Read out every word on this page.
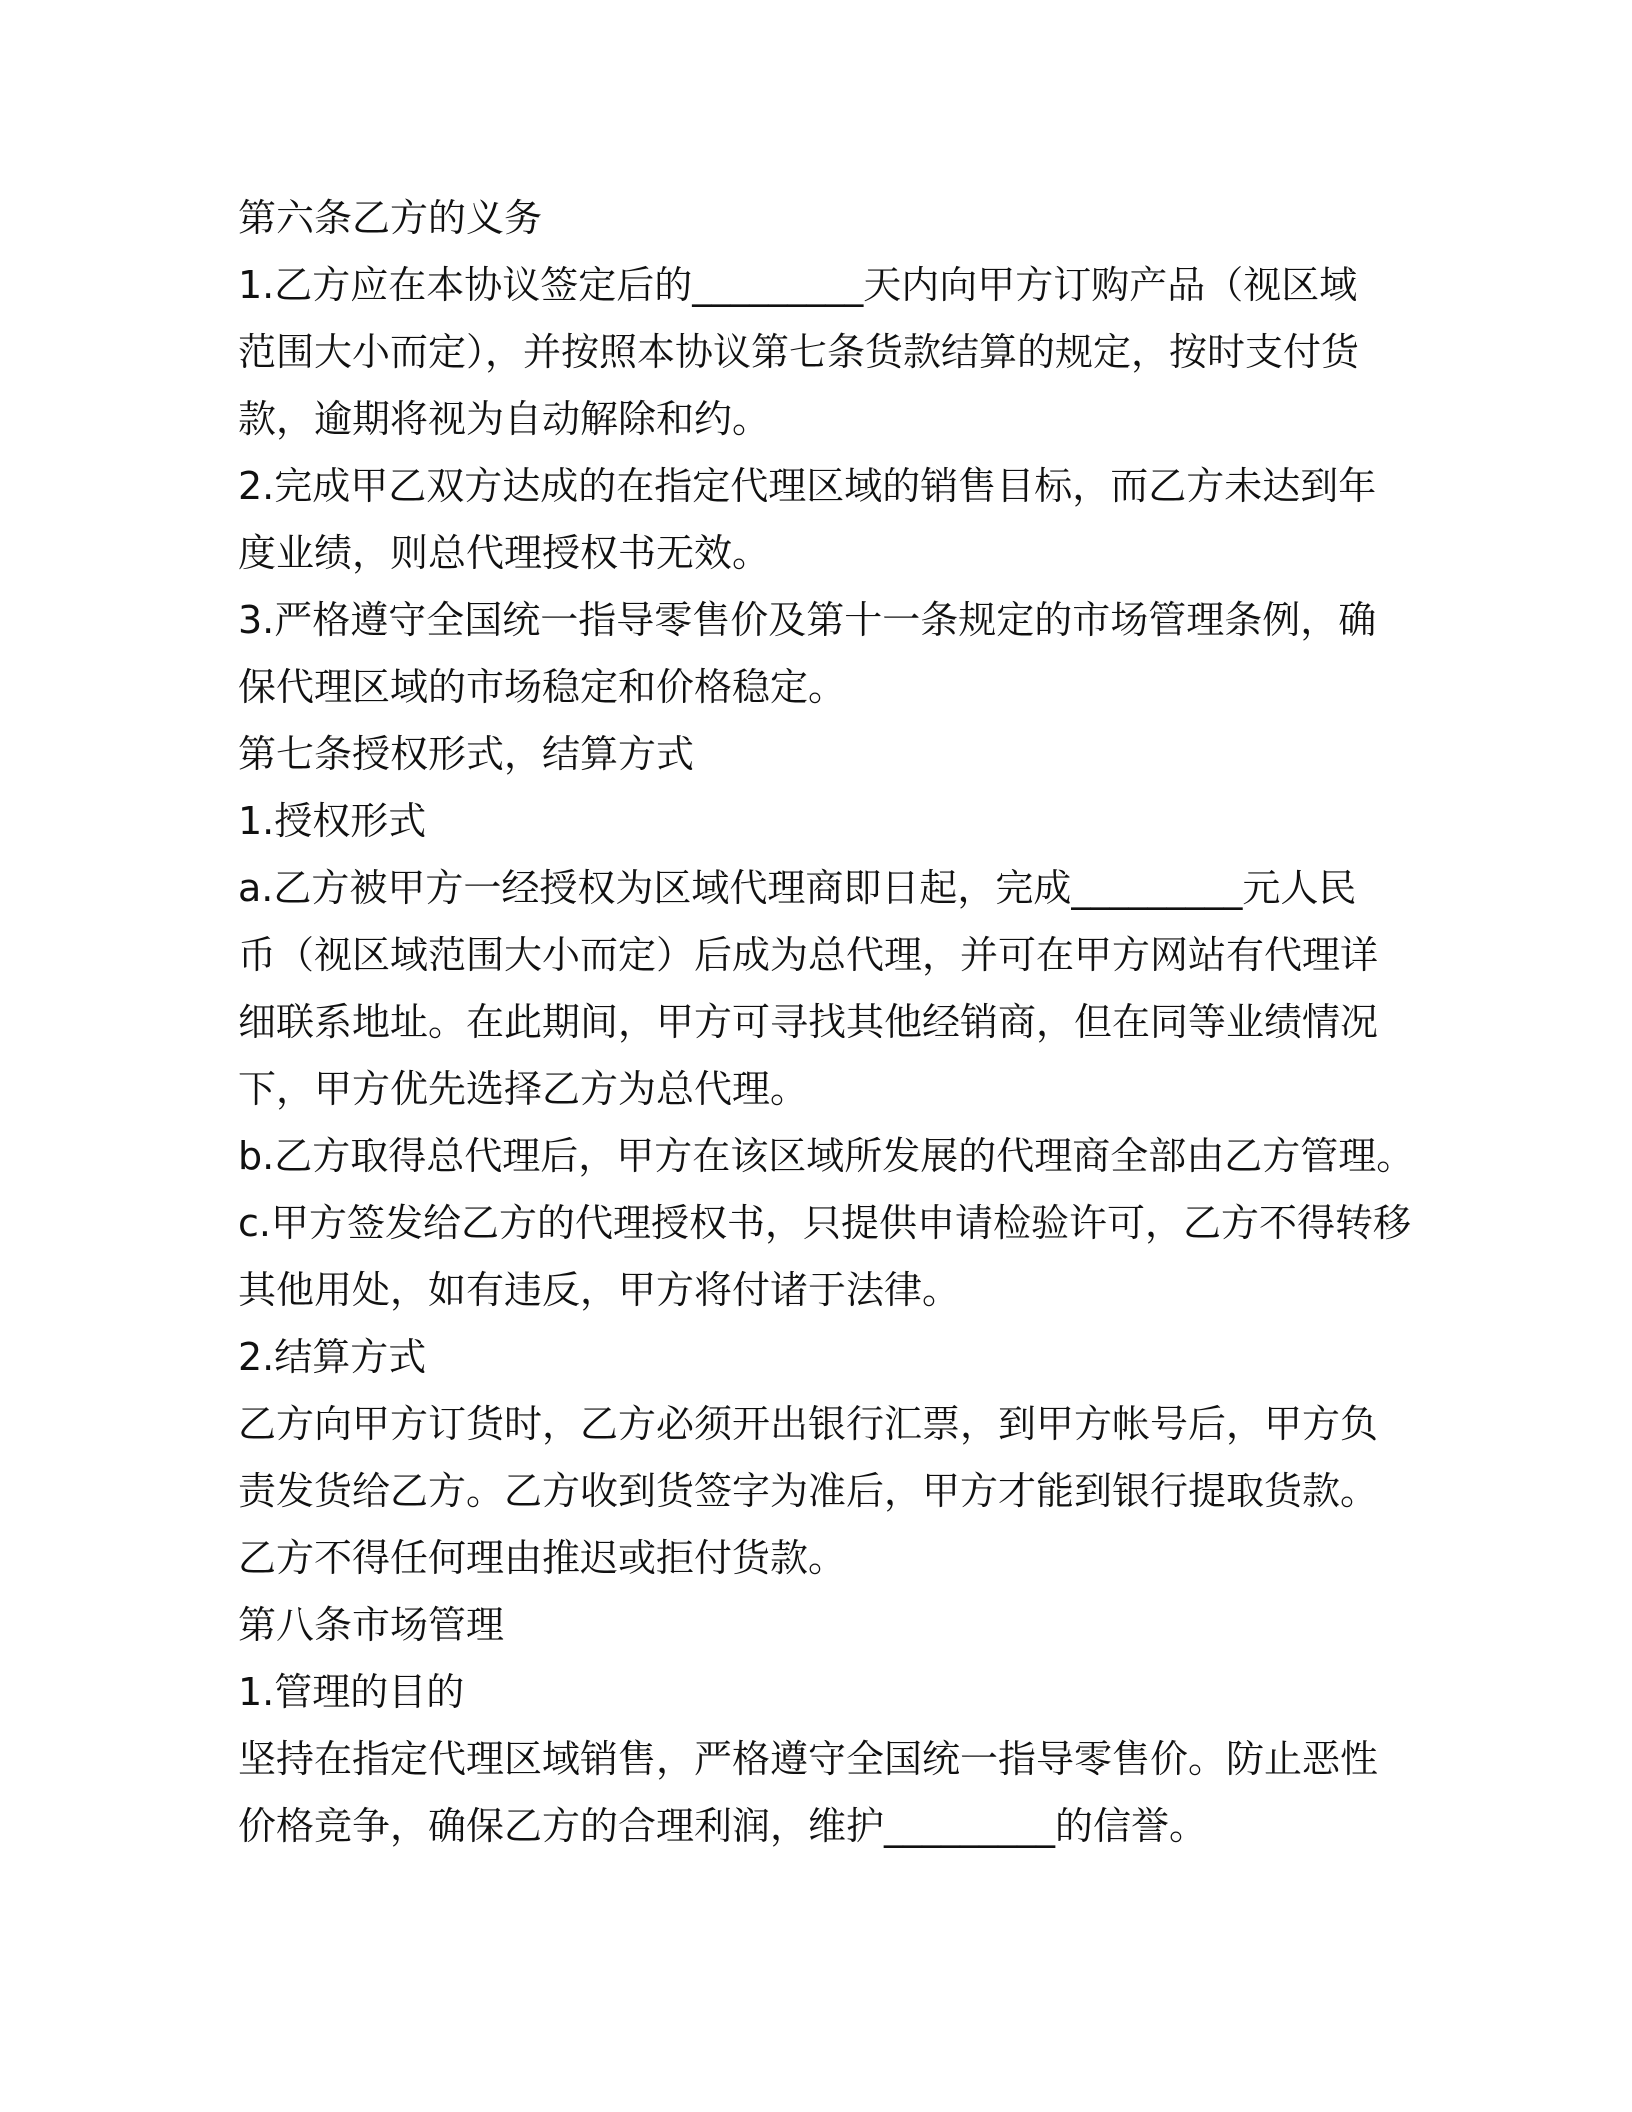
第六条乙方的义务
1.乙方应在本协议签定后的_________天内向甲方订购产品（视区域
范围大小而定），并按照本协议第七条货款结算的规定，按时支付货
款，逾期将视为自动解除和约。
2.完成甲乙双方达成的在指定代理区域的销售目标，而乙方未达到年
度业绩，则总代理授权书无效。
3.严格遵守全国统一指导零售价及第十一条规定的市场管理条例，确
保代理区域的市场稳定和价格稳定。
第七条授权形式，结算方式
1.授权形式
a.乙方被甲方一经授权为区域代理商即日起，完成_________元人民
币（视区域范围大小而定）后成为总代理，并可在甲方网站有代理详
细联系地址。在此期间，甲方可寻找其他经销商，但在同等业绩情况
下，甲方优先选择乙方为总代理。
b.乙方取得总代理后，甲方在该区域所发展的代理商全部由乙方管理。
c.甲方签发给乙方的代理授权书，只提供申请检验许可，乙方不得转移
其他用处，如有违反，甲方将付诸于法律。
2.结算方式
乙方向甲方订货时，乙方必须开出银行汇票，到甲方帐号后，甲方负
责发货给乙方。乙方收到货签字为准后，甲方才能到银行提取货款。
乙方不得任何理由推迟或拒付货款。
第八条市场管理
1.管理的目的
坚持在指定代理区域销售，严格遵守全国统一指导零售价。防止恶性
价格竞争，确保乙方的合理利润，维护_________的信誉。
